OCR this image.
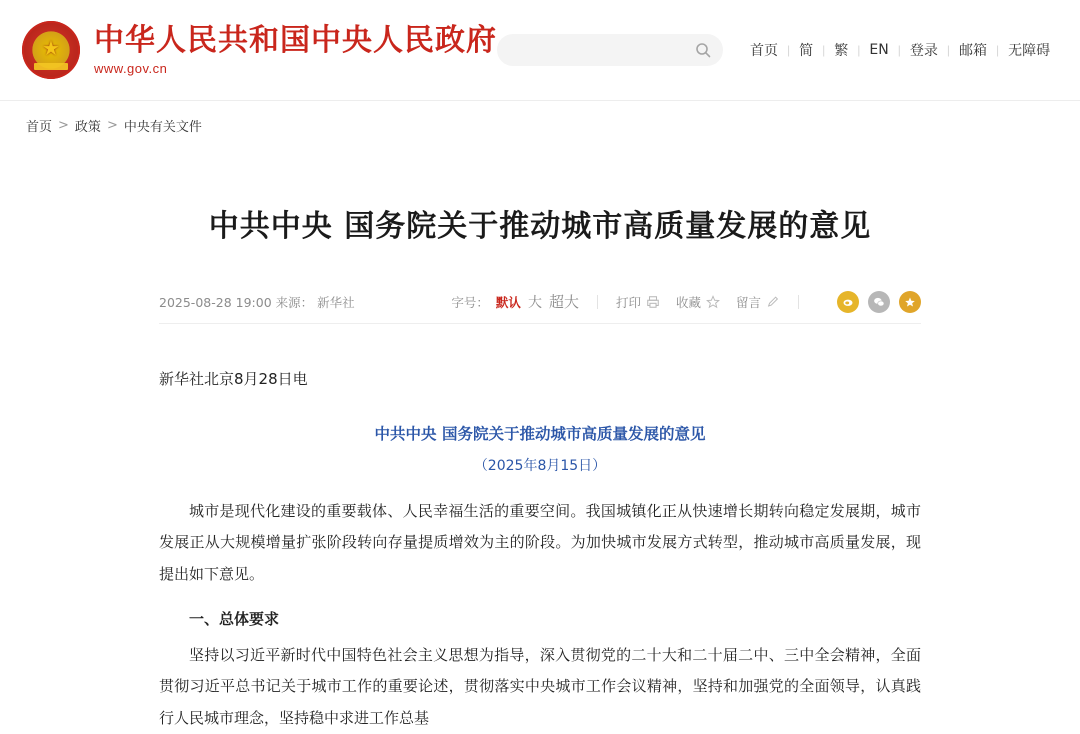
★
中华人民共和国中央人民政府
www.gov.cn
首页 | 简 | 繁 | EN | 登录 | 邮箱 | 无障碍
首页 > 政策 > 中央有关文件
中共中央 国务院关于推动城市高质量发展的意见
2025-08-28 19:00 来源： 新华社	字号： 默认 大 超大	打印	收藏	留言

新华社北京8月28日电

中共中央 国务院关于推动城市高质量发展的意见

（2025年8月15日）

城市是现代化建设的重要载体、人民幸福生活的重要空间。我国城镇化正从快速增长期转向稳定发展期，城市发展正从大规模增量扩张阶段转向存量提质增效为主的阶段。为加快城市发展方式转型，推动城市高质量发展，现提出如下意见。

一、总体要求

坚持以习近平新时代中国特色社会主义思想为指导，深入贯彻党的二十大和二十届二中、三中全会精神，全面贯彻习近平总书记关于城市工作的重要论述，贯彻落实中央城市工作会议精神，坚持和加强党的全面领导，认真践行人民城市理念，坚持稳中求进工作总基
